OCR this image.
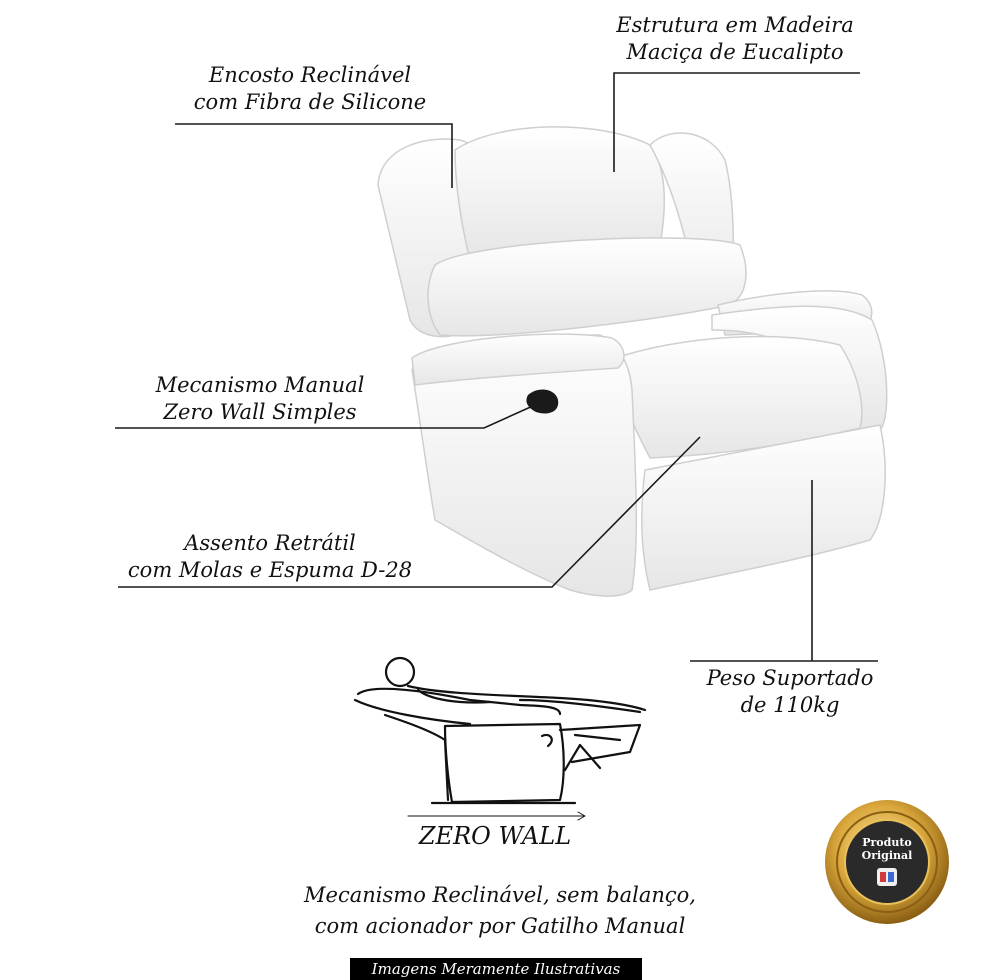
Encosto Reclinável
com Fibra de Silicone
Estrutura em Madeira
Maciça de Eucalipto
Mecanismo Manual
Zero Wall Simples
Assento Retrátil
com Molas e Espuma D-28
Peso Suportado
de 110kg
ZERO WALL
Mecanismo Reclinável, sem balanço,
com acionador por Gatilho Manual
Produto
Original
Imagens Meramente Ilustrativas
